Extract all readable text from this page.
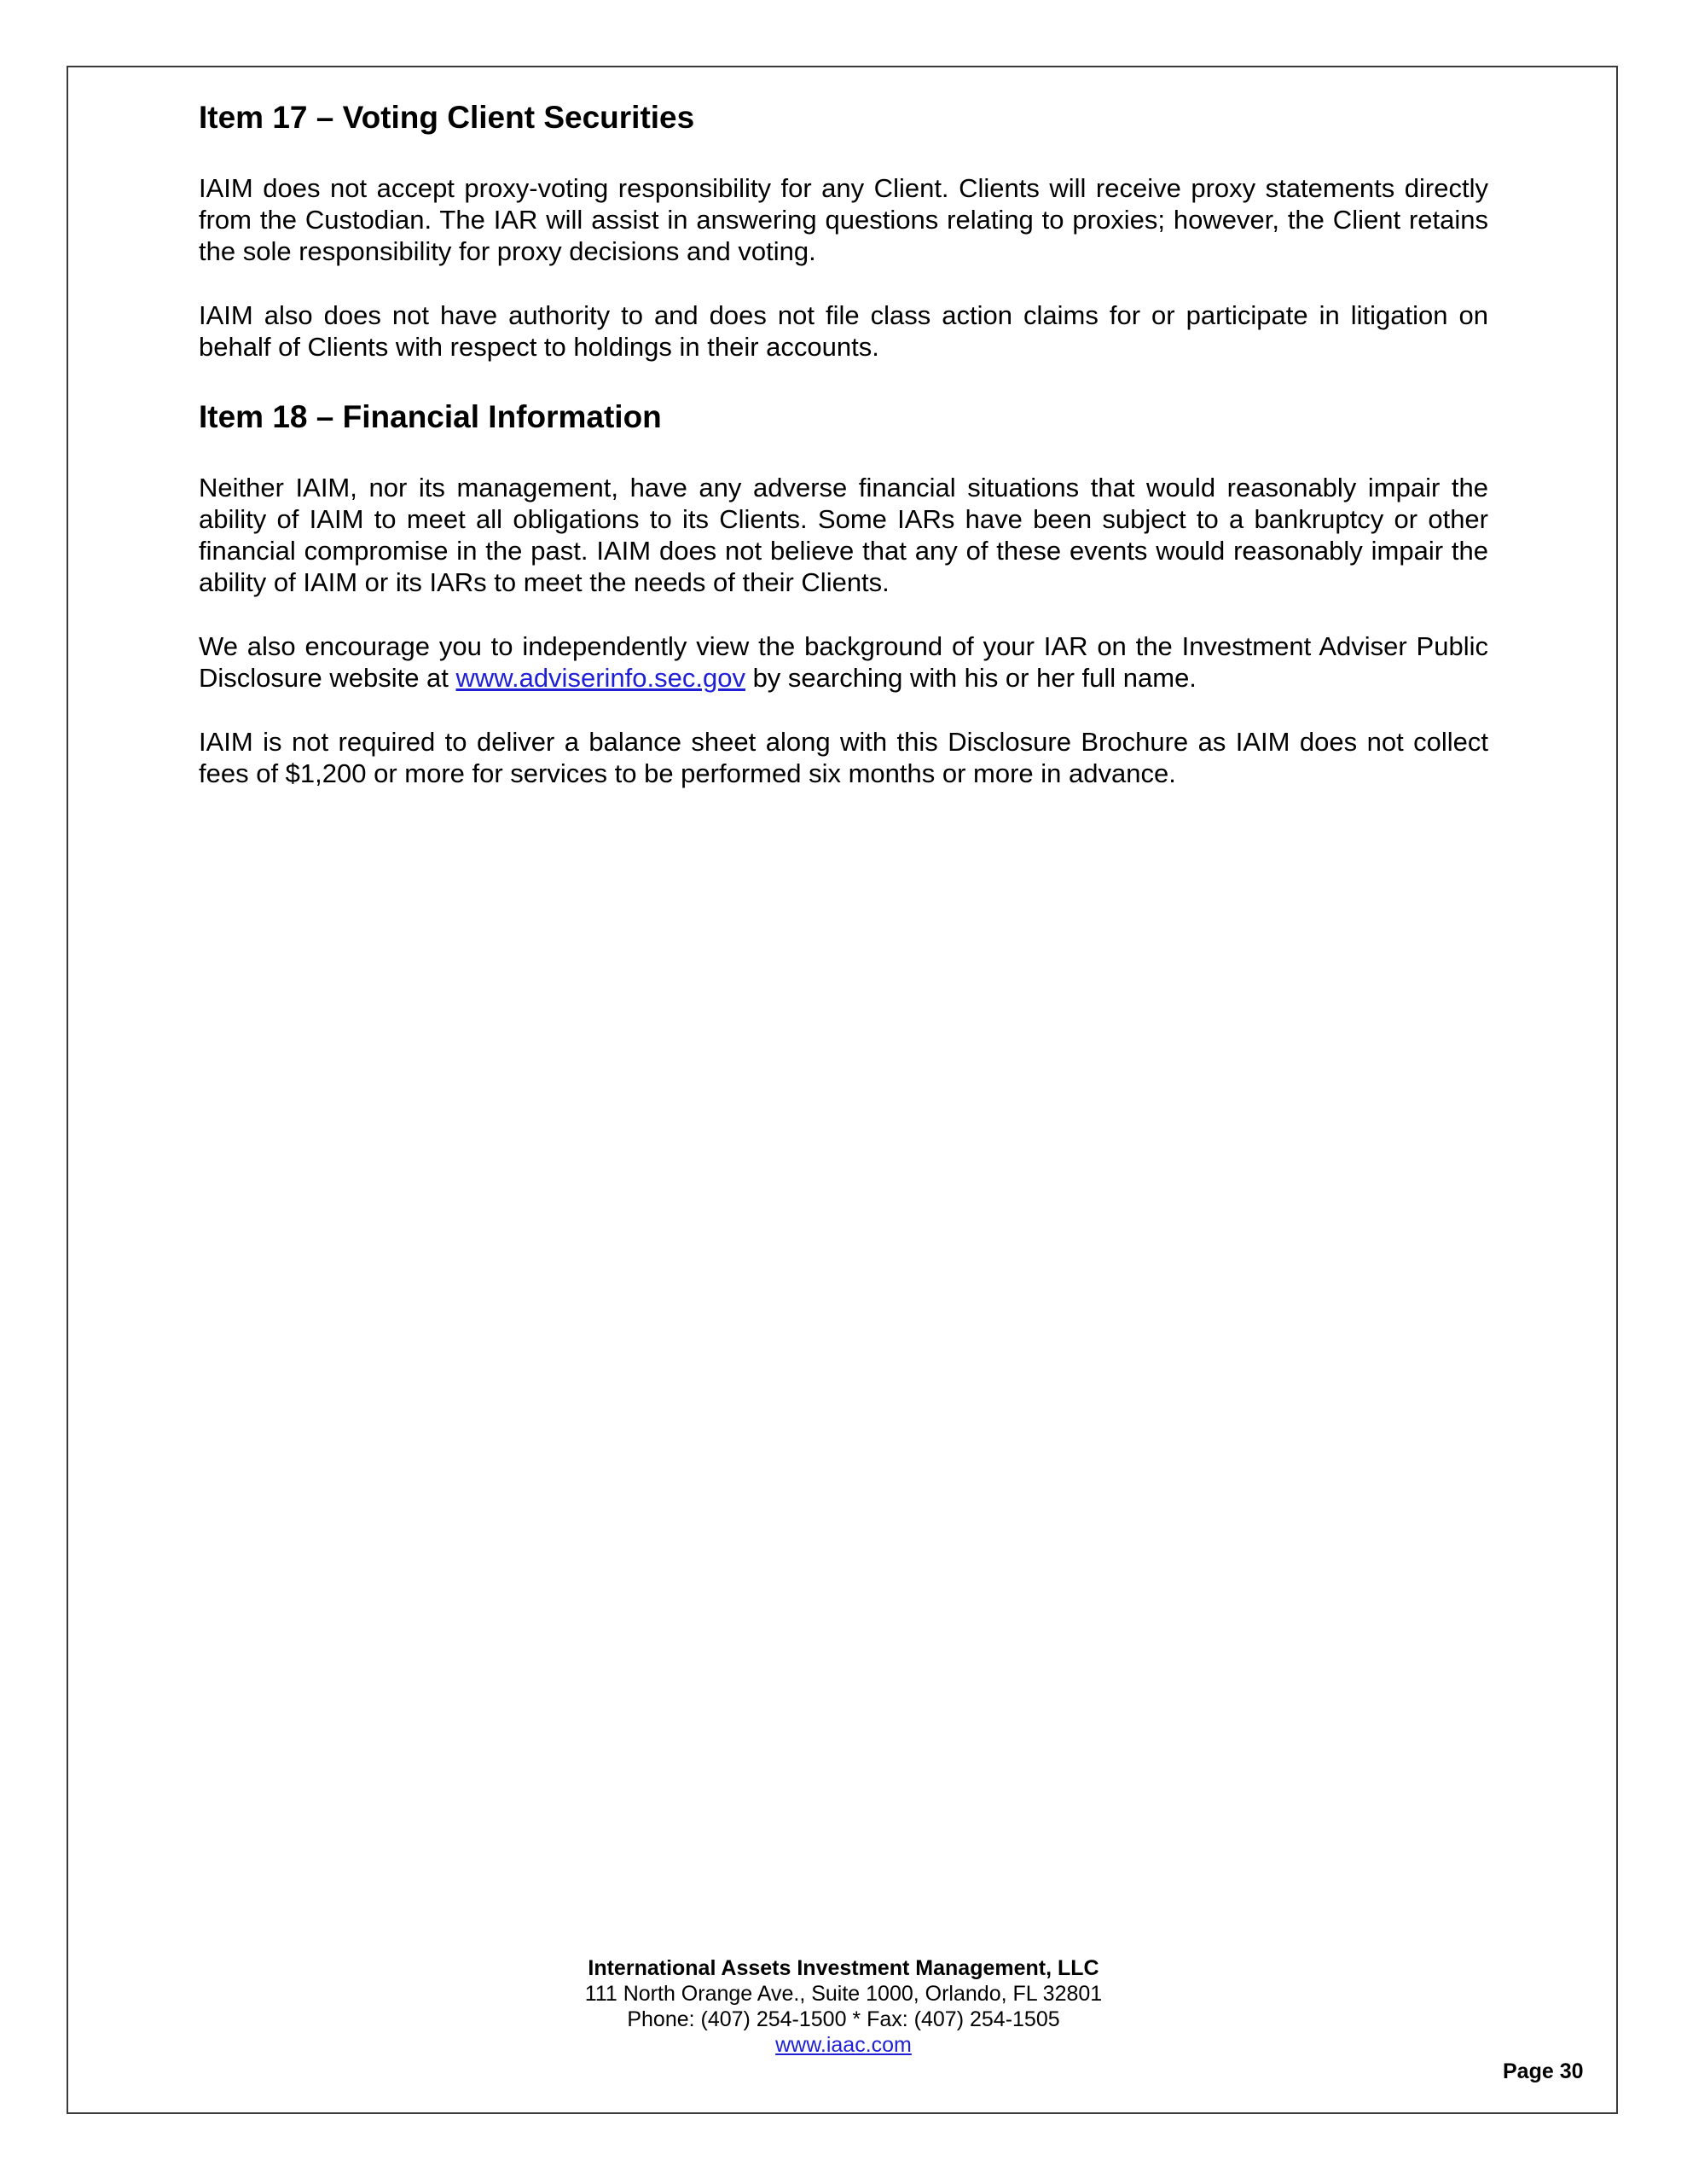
Item 17 – Voting Client Securities

IAIM does not accept proxy-voting responsibility for any Client. Clients will receive proxy statements directly from the Custodian. The IAR will assist in answering questions relating to proxies; however, the Client retains the sole responsibility for proxy decisions and voting.

IAIM also does not have authority to and does not file class action claims for or participate in litigation on behalf of Clients with respect to holdings in their accounts.

Item 18 – Financial Information

Neither IAIM, nor its management, have any adverse financial situations that would reasonably impair the ability of IAIM to meet all obligations to its Clients. Some IARs have been subject to a bankruptcy or other financial compromise in the past. IAIM does not believe that any of these events would reasonably impair the ability of IAIM or its IARs to meet the needs of their Clients.

We also encourage you to independently view the background of your IAR on the Investment Adviser Public Disclosure website at www.adviserinfo.sec.gov by searching with his or her full name.

IAIM is not required to deliver a balance sheet along with this Disclosure Brochure as IAIM does not collect fees of $1,200 or more for services to be performed six months or more in advance.

International Assets Investment Management, LLC
111 North Orange Ave., Suite 1000, Orlando, FL 32801
Phone: (407) 254-1500 * Fax: (407) 254-1505
www.iaac.com
Page 30
